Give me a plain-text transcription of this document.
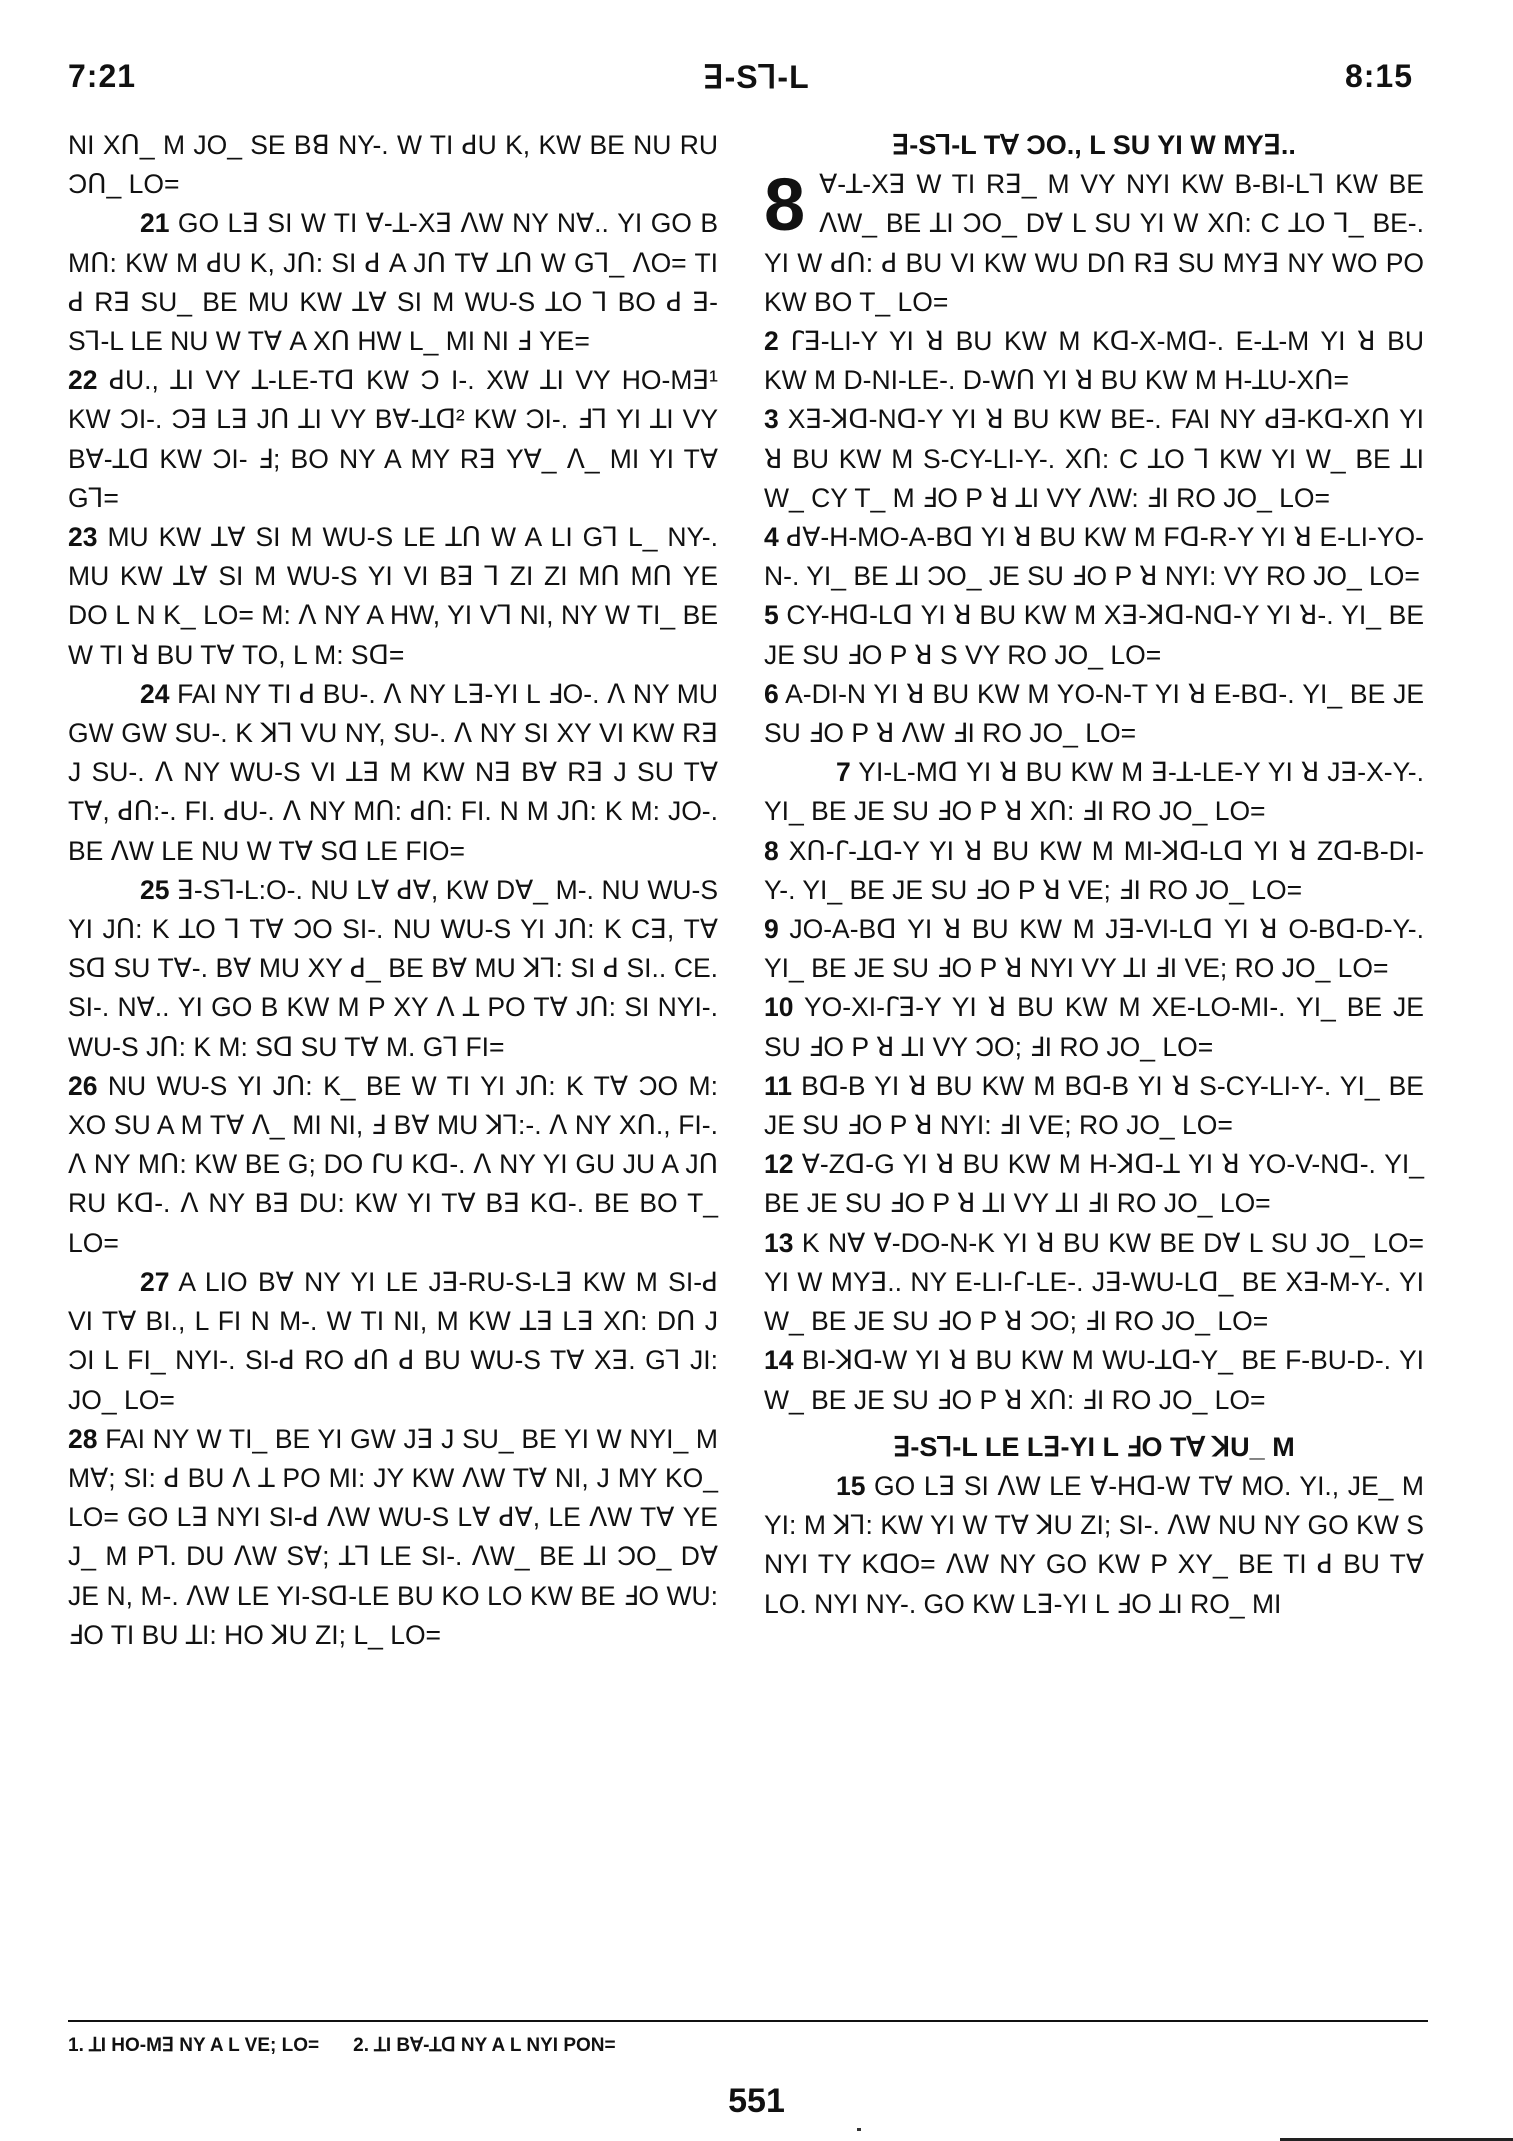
7:21	ꓱ-Sꓶ-L	8:15

NI Xꓵ_ M JO_ SE Bꓭ NY-. W TI ꓒU K, KW BE NU RU Ɔꓵ_ LO=

21 GO Lꓱ SI W TI ꓯ-ꓕ-Xꓱ ꓥW NY Nꓯ.. YI GO B Mꓵ: KW M ꓒU K, Jꓵ: SI ꓒ A Jꓵ Tꓯ ꓕꓵ W Gꓶ_ ꓥO= TI ꓒ Rꓱ SU_ BE MU KW ꓕꓯ SI M WU-S ꓕO ꓶ BO ꓒ ꓱ-Sꓶ-L LE NU W Tꓯ A Xꓵ HW L_ MI NI ꓞ YE=

22 ꓒU., ꓕI VY ꓕ-LE-Tꓷ KW Ɔ I-. XW ꓕI VY HO-Mꓱ¹ KW ƆI-. Ɔꓱ Lꓱ Jꓵ ꓕI VY Bꓯ-ꓕꓷ² KW ƆI-. ꓞꓶ YI ꓕI VY Bꓯ-ꓕꓷ KW ƆI- ꓞ; BO NY A MY Rꓱ Yꓯ_ ꓥ_ MI YI Tꓯ Gꓶ=

23 MU KW ꓕꓯ SI M WU-S LE ꓕꓵ W A LI Gꓶ L_ NY-. MU KW ꓕꓯ SI M WU-S YI VI Bꓱ ꓶ ZI ZI Mꓵ Mꓵ YE DO L N K_ LO= M: ꓥ NY A HW, YI Vꓶ NI, NY W TI_ BE W TI ꓤ BU Tꓯ TO, L M: Sꓷ=

24 FAI NY TI ꓒ BU-. ꓥ NY Lꓱ-YI L ꓞO-. ꓥ NY MU GW GW SU-. K ꓘꓶ VU NY, SU-. ꓥ NY SI XY VI KW Rꓱ J SU-. ꓥ NY WU-S VI ꓕꓱ M KW Nꓱ Bꓯ Rꓱ J SU Tꓯ Tꓯ, ꓒꓵ:-. FI. ꓒU-. ꓥ NY Mꓵ: ꓒꓵ: FI. N M Jꓵ: K M: JO-. BE ꓥW LE NU W Tꓯ Sꓷ LE FIO=

25 ꓱ-Sꓶ-L:O-. NU Lꓯ ꓒꓯ, KW Dꓯ_ M-. NU WU-S YI Jꓵ: K ꓕO ꓶ Tꓯ ƆO SI-. NU WU-S YI Jꓵ: K Cꓱ, Tꓯ Sꓷ SU Tꓯ-. Bꓯ MU XY ꓒ_ BE Bꓯ MU ꓘꓶ: SI ꓒ SI.. CE. SI-. Nꓯ.. YI GO B KW M P XY ꓥ ꓕ PO Tꓯ Jꓵ: SI NYI-. WU-S Jꓵ: K M: Sꓷ SU Tꓯ M. Gꓶ FI=

26 NU WU-S YI Jꓵ: K_ BE W TI YI Jꓵ: K Tꓯ ƆO M: XO SU A M Tꓯ ꓥ_ MI NI, ꓞ Bꓯ MU ꓘꓶ:-. ꓥ NY Xꓵ., FI-. ꓥ NY Mꓵ: KW BE G; DO ꓩU Kꓷ-. ꓥ NY YI GU JU A Jꓵ RU Kꓷ-. ꓥ NY Bꓱ DU: KW YI Tꓯ Bꓱ Kꓷ-. BE BO T_ LO=

27 A LIO Bꓯ NY YI LE Jꓱ-RU-S-Lꓱ KW M SI-ꓒ VI Tꓯ BI., L FI N M-. W TI NI, M KW ꓕꓱ Lꓱ Xꓵ: Dꓵ J ƆI L FI_ NYI-. SI-ꓒ RO ꓒꓵ ꓒ BU WU-S Tꓯ Xꓱ. Gꓶ JI: JO_ LO=

28 FAI NY W TI_ BE YI GW Jꓱ J SU_ BE YI W NYI_ M Mꓯ; SI: ꓒ BU ꓥ ꓕ PO MI: JY KW ꓥW Tꓯ NI, J MY KO_ LO= GO Lꓱ NYI SI-ꓒ ꓥW WU-S Lꓯ ꓒꓯ, LE ꓥW Tꓯ YE J_ M Pꓶ. DU ꓥW Sꓯ; ꓕꓶ LE SI-. ꓥW_ BE ꓕI ƆO_ Dꓯ JE N, M-. ꓥW LE YI-Sꓷ-LE BU KO LO KW BE ꓞO WU: ꓞO TI BU ꓕI: HO ꓘU ZI; L_ LO=

ꓱ-Sꓶ-L Tꓯ ƆO., L SU YI W MYꓱ..

8 ꓯ-ꓕ-Xꓱ W TI Rꓱ_ M VY NYI KW B-BI-Lꓶ KW BE ꓥW_ BE ꓕI ƆO_ Dꓯ L SU YI W Xꓵ: C ꓕO ꓶ_ BE-. YI W ꓒꓵ: ꓒ BU VI KW WU Dꓵ Rꓱ SU MYꓱ NY WO PO KW BO T_ LO=

2 ꓩꓱ-LI-Y YI ꓤ BU KW M Kꓷ-X-Mꓷ-. E-ꓕ-M YI ꓤ BU KW M D-NI-LE-. D-Wꓵ YI ꓤ BU KW M H-ꓕU-Xꓵ=

3 Xꓱ-ꓘꓷ-Nꓷ-Y YI ꓤ BU KW BE-. FAI NY ꓒꓱ-Kꓷ-Xꓵ YI ꓤ BU KW M S-CY-LI-Y-. Xꓵ: C ꓕO ꓶ KW YI W_ BE ꓕI W_ CY T_ M ꓞO P ꓤ ꓕI VY ꓥW: ꓞI RO JO_ LO=

4 ꓒꓯ-H-MO-A-Bꓷ YI ꓤ BU KW M Fꓷ-R-Y YI ꓤ E-LI-YO-N-. YI_ BE ꓕI ƆO_ JE SU ꓞO P ꓤ NYI: VY RO JO_ LO=

5 CY-Hꓷ-Lꓷ YI ꓤ BU KW M Xꓱ-ꓘꓷ-Nꓷ-Y YI ꓤ-. YI_ BE JE SU ꓞO P ꓤ S VY RO JO_ LO=

6 A-DI-N YI ꓤ BU KW M YO-N-T YI ꓤ E-Bꓷ-. YI_ BE JE SU ꓞO P ꓤ ꓥW ꓞI RO JO_ LO=

7 YI-L-Mꓷ YI ꓤ BU KW M ꓱ-ꓕ-LE-Y YI ꓤ Jꓱ-X-Y-. YI_ BE JE SU ꓞO P ꓤ Xꓵ: ꓞI RO JO_ LO=

8 Xꓵ-ꓩ-ꓕꓷ-Y YI ꓤ BU KW M MI-ꓘꓷ-Lꓷ YI ꓤ Zꓷ-B-DI-Y-. YI_ BE JE SU ꓞO P ꓤ VE; ꓞI RO JO_ LO=

9 JO-A-Bꓷ YI ꓤ BU KW M Jꓱ-VI-Lꓷ YI ꓤ O-Bꓷ-D-Y-. YI_ BE JE SU ꓞO P ꓤ NYI VY ꓕI ꓞI VE; RO JO_ LO=

10 YO-XI-ꓩꓱ-Y YI ꓤ BU KW M XE-LO-MI-. YI_ BE JE SU ꓞO P ꓤ ꓕI VY ƆO; ꓞI RO JO_ LO=

11 Bꓷ-B YI ꓤ BU KW M Bꓷ-B YI ꓤ S-CY-LI-Y-. YI_ BE JE SU ꓞO P ꓤ NYI: ꓞI VE; RO JO_ LO=

12 ꓯ-Zꓷ-G YI ꓤ BU KW M H-ꓘꓷ-ꓕ YI ꓤ YO-V-Nꓷ-. YI_ BE JE SU ꓞO P ꓤ ꓕI VY ꓕI ꓞI RO JO_ LO=

13 K Nꓯ ꓯ-DO-N-K YI ꓤ BU KW BE Dꓯ L SU JO_ LO= YI W MYꓱ.. NY E-LI-ꓩ-LE-. Jꓱ-WU-Lꓷ_ BE Xꓱ-M-Y-. YI W_ BE JE SU ꓞO P ꓤ ƆO; ꓞI RO JO_ LO=

14 BI-ꓘꓷ-W YI ꓤ BU KW M WU-ꓕꓷ-Y_ BE F-BU-D-. YI W_ BE JE SU ꓞO P ꓤ Xꓵ: ꓞI RO JO_ LO=

ꓱ-Sꓶ-L LE Lꓱ-YI L ꓞO Tꓯ ꓘU_ M

15 GO Lꓱ SI ꓥW LE ꓯ-Hꓷ-W Tꓯ MO. YI., JE_ M YI: M ꓘꓶ: KW YI W Tꓯ ꓘU ZI; SI-. ꓥW NU NY GO KW S NYI TY KꓷO= ꓥW NY GO KW P XY_ BE TI ꓒ BU Tꓯ LO. NYI NY-. GO KW Lꓱ-YI L ꓞO ꓕI RO_ MI

1. ꓕI HO-Mꓱ NY A L VE; LO= 2. ꓕI Bꓯ-ꓕꓷ NY A L NYI PON=
551
